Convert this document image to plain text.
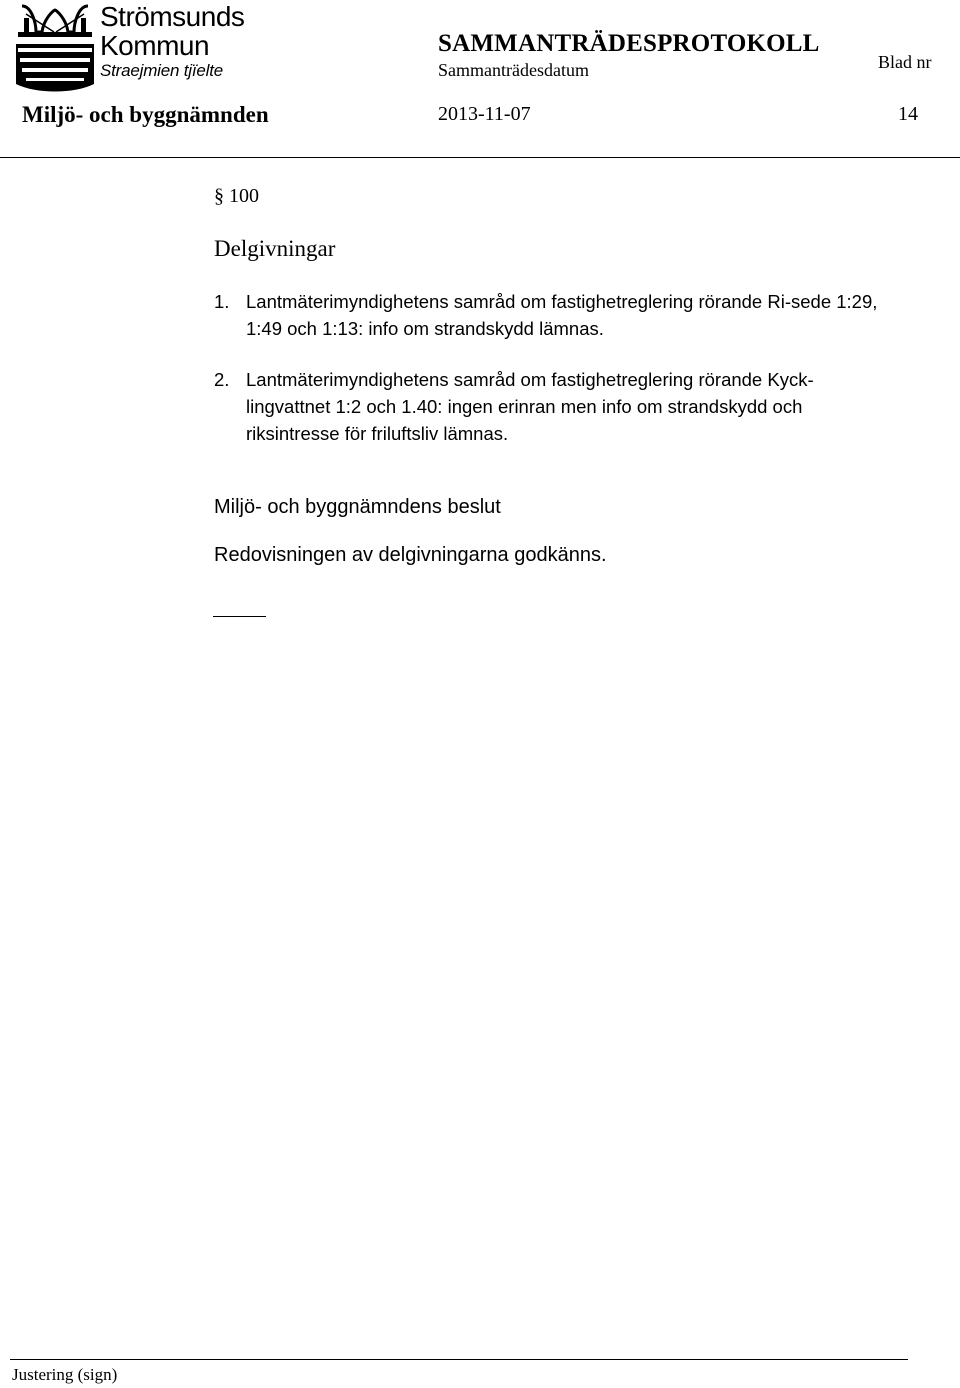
Strömsunds
Kommun
Straejmien tjïelte
SAMMANTRÄDESPROTOKOLL
Sammanträdesdatum	Blad nr
Miljö- och byggnämnden	2013-11-07	14
§ 100
Delgivningar
1. Lantmäterimyndighetens samråd om fastighetreglering rörande Ri-sede 1:29, 1:49 och 1:13: info om strandskydd lämnas.
2. Lantmäterimyndighetens samråd om fastighetreglering rörande Kyck-lingvattnet 1:2 och 1.40: ingen erinran men info om strandskydd och riksintresse för friluftsliv lämnas.
Miljö- och byggnämndens beslut
Redovisningen av delgivningarna godkänns.
Justering (sign)
